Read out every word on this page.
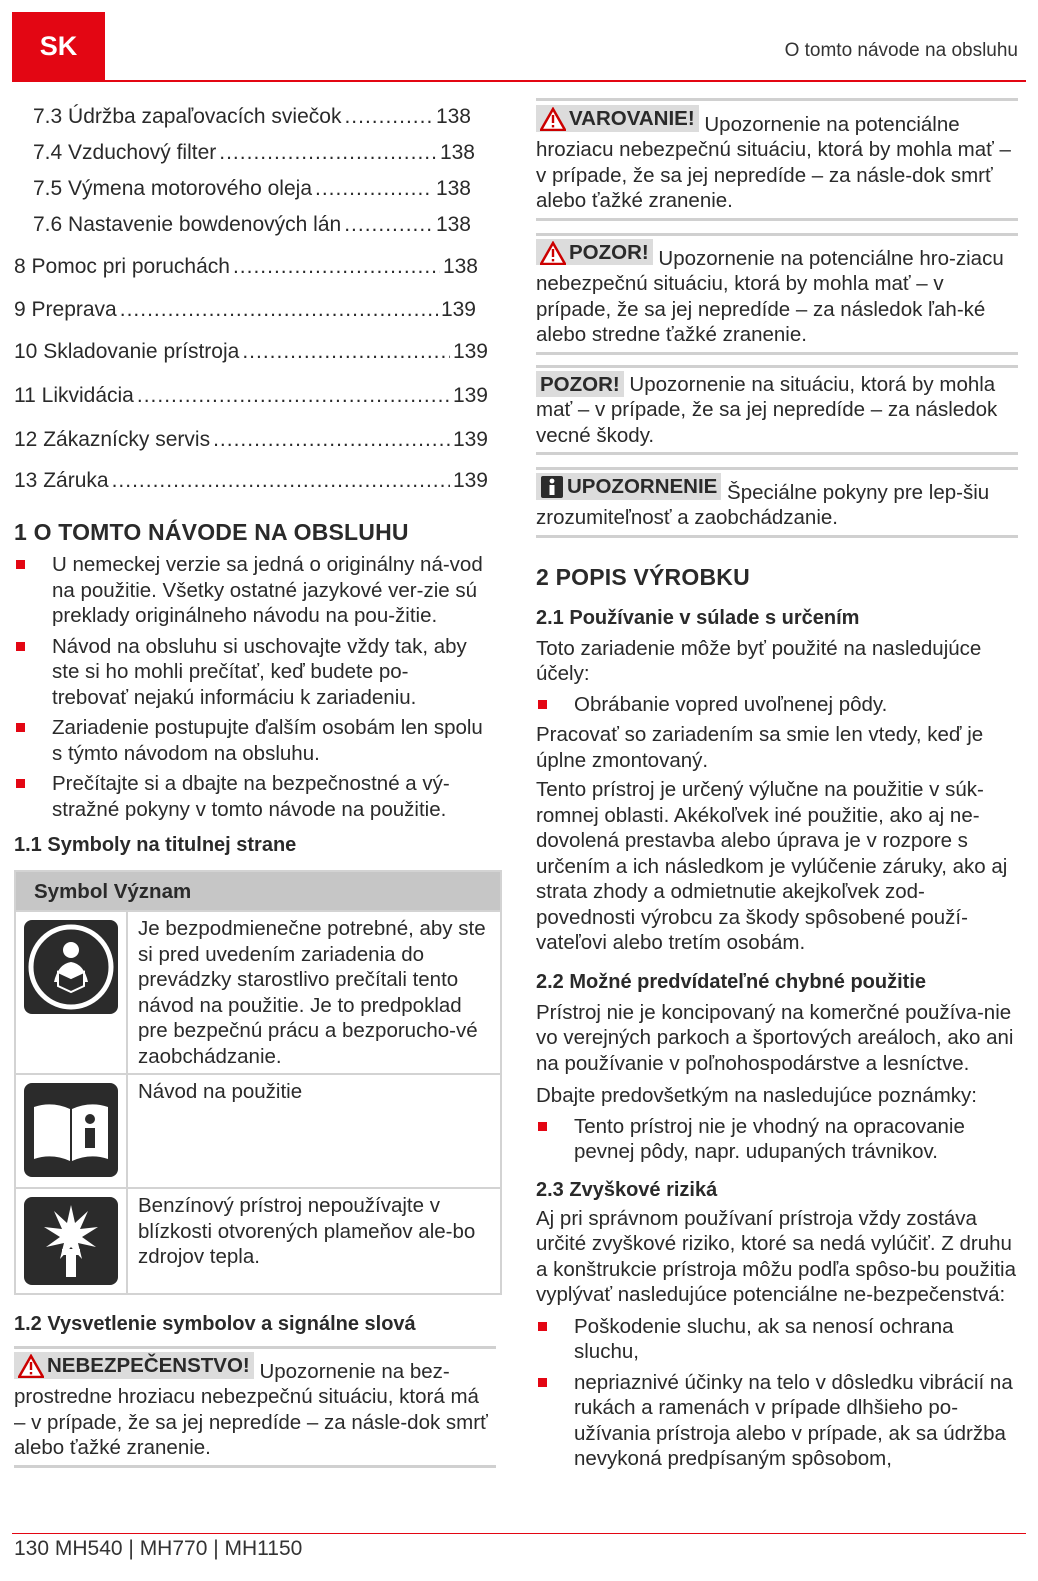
SK	O tomto návode na obsluhu
7.3 Údržba zapaľovacích sviečok .....	138
7.4 Vzduchový filter .....	138
7.5 Výmena motorového oleja .....	138
7.6 Nastavenie bowdenových lán .....	138
8 Pomoc pri poruchách .....	138
9 Preprava .....	139
10 Skladovanie prístroja .....	139
11 Likvidácia .....	139
12 Zákaznícky servis .....	139
13 Záruka .....	139
1 O TOMTO NÁVODE NA OBSLUHU
U nemeckej verzie sa jedná o originálny ná-vod na použitie. Všetky ostatné jazykové ver-zie sú preklady originálneho návodu na pou-žitie.
Návod na obsluhu si uschovajte vždy tak, aby ste si ho mohli prečítať, keď budete po-trebovať nejakú informáciu k zariadeniu.
Zariadenie postupujte ďalším osobám len spolu s týmto návodom na obsluhu.
Prečítajte si a dbajte na bezpečnostné a vý-stražné pokyny v tomto návode na použitie.
1.1 Symboly na titulnej strane
Symbol Význam
Je bezpodmienečne potrebné, aby ste si pred uvedením zariadenia do prevádzky starostlivo prečítali tento návod na použitie. Je to predpoklad pre bezpečnú prácu a bezporucho-vé zaobchádzanie.
Návod na použitie
Benzínový prístroj nepoužívajte v blízkosti otvorených plameňov ale-bo zdrojov tepla.
1.2 Vysvetlenie symbolov a signálne slová
NEBEZPEČENSTVO! Upozornenie na bez-prostredne hroziacu nebezpečnú situáciu, ktorá má – v prípade, že sa jej nepredíde – za násle-dok smrť alebo ťažké zranenie.
VAROVANIE! Upozornenie na potenciálne hroziacu nebezpečnú situáciu, ktorá by mohla mať – v prípade, že sa jej nepredíde – za násle-dok smrť alebo ťažké zranenie.
POZOR! Upozornenie na potenciálne hro-ziacu nebezpečnú situáciu, ktorá by mohla mať – v prípade, že sa jej nepredíde – za následok ľah-ké alebo stredne ťažké zranenie.
POZOR! Upozornenie na situáciu, ktorá by mohla mať – v prípade, že sa jej nepredíde – za následok vecné škody.
UPOZORNENIE Špeciálne pokyny pre lep-šiu zrozumiteľnosť a zaobchádzanie.
2 POPIS VÝROBKU
2.1 Používanie v súlade s určením

Toto zariadenie môže byť použité na nasledujúce účely:

Obrábanie vopred uvoľnenej pôdy.

Pracovať so zariadením sa smie len vtedy, keď je úplne zmontovaný.

Tento prístroj je určený výlučne na použitie v súk-romnej oblasti. Akékoľvek iné použitie, ako aj ne-dovolená prestavba alebo úprava je v rozpore s určením a ich následkom je vylúčenie záruky, ako aj strata zhody a odmietnutie akejkoľvek zod-povednosti výrobcu za škody spôsobené použí-vateľovi alebo tretím osobám.

2.2 Možné predvídateľné chybné použitie

Prístroj nie je koncipovaný na komerčné používa-nie vo verejných parkoch a športových areáloch, ako ani na používanie v poľnohospodárstve a lesníctve.

Dbajte predovšetkým na nasledujúce poznámky:

Tento prístroj nie je vhodný na opracovanie pevnej pôdy, napr. udupaných trávnikov.
2.3 Zvyškové riziká

Aj pri správnom používaní prístroja vždy zostáva určité zvyškové riziko, ktoré sa nedá vylúčiť. Z druhu a konštrukcie prístroja môžu podľa spôso-bu použitia vyplývať nasledujúce potenciálne ne-bezpečenstvá:

Poškodenie sluchu, ak sa nenosí ochrana sluchu,
nepriaznivé účinky na telo v dôsledku vibrácií na rukách a ramenách v prípade dlhšieho po-užívania prístroja alebo v prípade, ak sa údržba nevykoná predpísaným spôsobom,
130 MH540 | MH770 | MH1150
